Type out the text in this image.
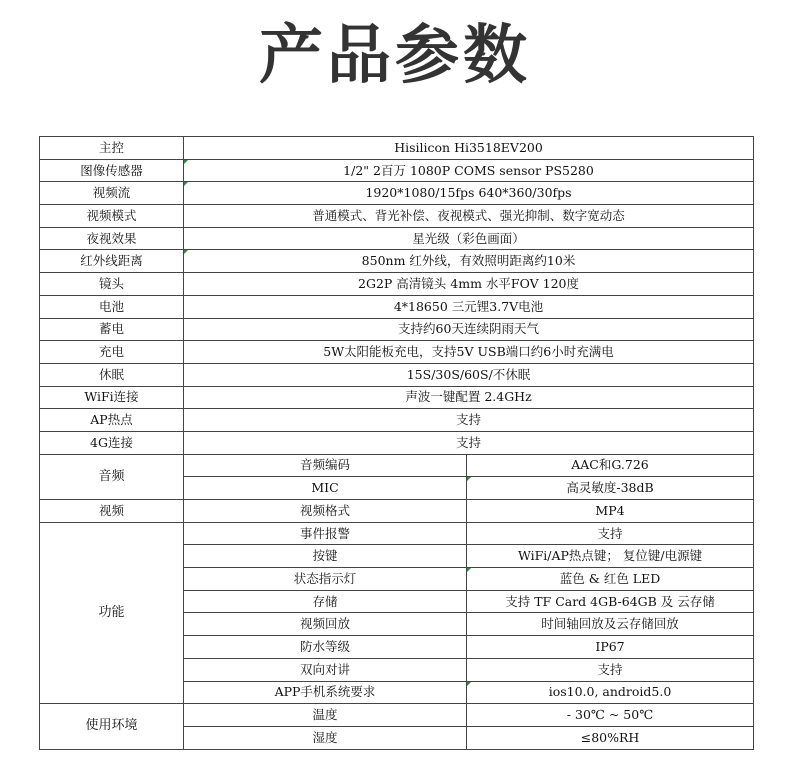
产品参数
主控	Hisilicon Hi3518EV200	
图像传感器	1/2" 2百万 1080P COMS sensor PS5280	
视频流	1920*1080/15fps 640*360/30fps	
视频模式	普通模式、背光补偿、夜视模式、强光抑制、数字宽动态	
夜视效果	星光级（彩色画面）	
红外线距离	850nm 红外线，有效照明距离约10米	
镜头	2G2P 高清镜头 4mm 水平FOV 120度	
电池	4*18650 三元锂3.7V电池	
蓄电	支持约60天连续阴雨天气	
充电	5W太阳能板充电，支持5V USB端口约6小时充满电	
休眠	15S/30S/60S/不休眠	
WiFi连接	声波一键配置 2.4GHz	
AP热点	支持	
4G连接	支持	
音频	音频编码	AAC和G.726
	MIC	高灵敏度-38dB
视频	视频格式	MP4
功能	事件报警	支持
	按键	WiFi/AP热点键； 复位键/电源键
	状态指示灯	蓝色 & 红色 LED
	存储	支持 TF Card 4GB-64GB 及 云存储
	视频回放	时间轴回放及云存储回放
	防水等级	IP67
	双向对讲	支持
	APP手机系统要求	ios10.0, android5.0
使用环境	温度	- 30℃ ~ 50℃
	湿度	≤80%RH
